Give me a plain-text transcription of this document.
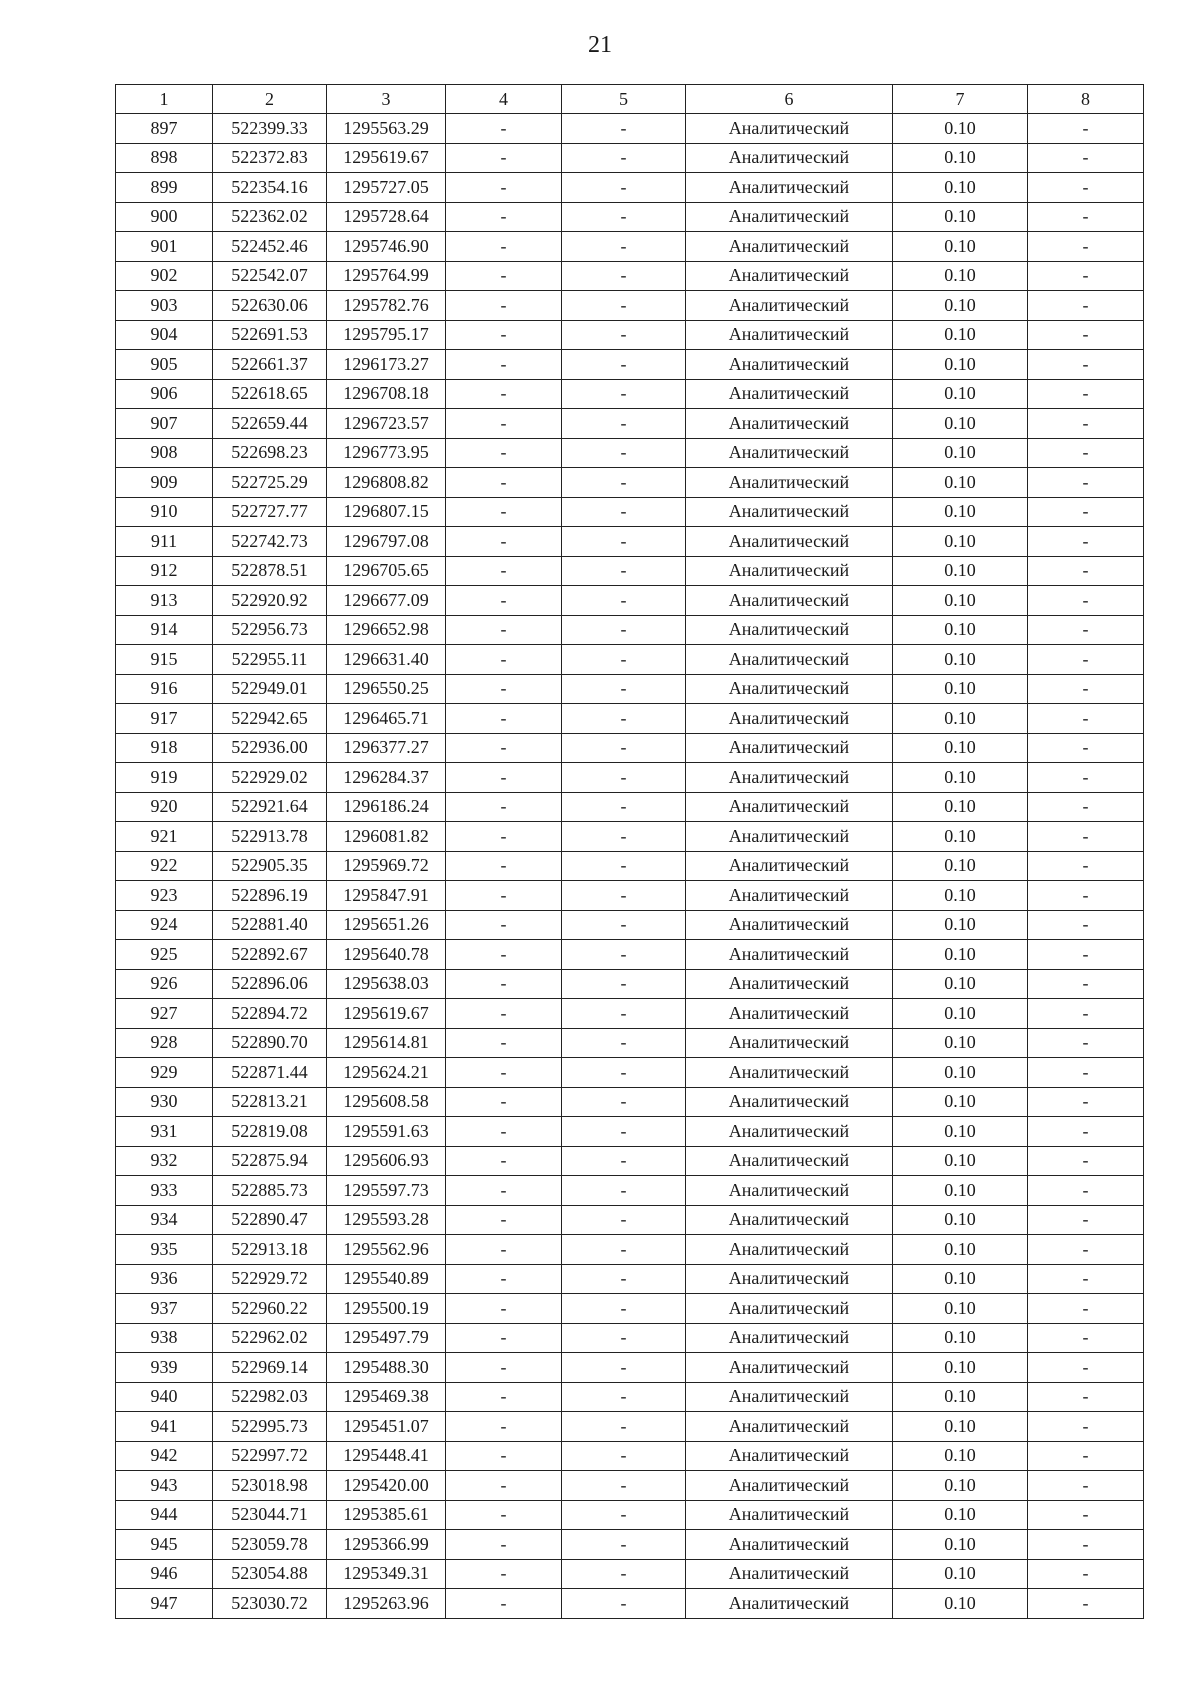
21
1	2	3	4	5	6	7	8
897	522399.33	1295563.29	-	-	Аналитический	0.10	-
898	522372.83	1295619.67	-	-	Аналитический	0.10	-
899	522354.16	1295727.05	-	-	Аналитический	0.10	-
900	522362.02	1295728.64	-	-	Аналитический	0.10	-
901	522452.46	1295746.90	-	-	Аналитический	0.10	-
902	522542.07	1295764.99	-	-	Аналитический	0.10	-
903	522630.06	1295782.76	-	-	Аналитический	0.10	-
904	522691.53	1295795.17	-	-	Аналитический	0.10	-
905	522661.37	1296173.27	-	-	Аналитический	0.10	-
906	522618.65	1296708.18	-	-	Аналитический	0.10	-
907	522659.44	1296723.57	-	-	Аналитический	0.10	-
908	522698.23	1296773.95	-	-	Аналитический	0.10	-
909	522725.29	1296808.82	-	-	Аналитический	0.10	-
910	522727.77	1296807.15	-	-	Аналитический	0.10	-
911	522742.73	1296797.08	-	-	Аналитический	0.10	-
912	522878.51	1296705.65	-	-	Аналитический	0.10	-
913	522920.92	1296677.09	-	-	Аналитический	0.10	-
914	522956.73	1296652.98	-	-	Аналитический	0.10	-
915	522955.11	1296631.40	-	-	Аналитический	0.10	-
916	522949.01	1296550.25	-	-	Аналитический	0.10	-
917	522942.65	1296465.71	-	-	Аналитический	0.10	-
918	522936.00	1296377.27	-	-	Аналитический	0.10	-
919	522929.02	1296284.37	-	-	Аналитический	0.10	-
920	522921.64	1296186.24	-	-	Аналитический	0.10	-
921	522913.78	1296081.82	-	-	Аналитический	0.10	-
922	522905.35	1295969.72	-	-	Аналитический	0.10	-
923	522896.19	1295847.91	-	-	Аналитический	0.10	-
924	522881.40	1295651.26	-	-	Аналитический	0.10	-
925	522892.67	1295640.78	-	-	Аналитический	0.10	-
926	522896.06	1295638.03	-	-	Аналитический	0.10	-
927	522894.72	1295619.67	-	-	Аналитический	0.10	-
928	522890.70	1295614.81	-	-	Аналитический	0.10	-
929	522871.44	1295624.21	-	-	Аналитический	0.10	-
930	522813.21	1295608.58	-	-	Аналитический	0.10	-
931	522819.08	1295591.63	-	-	Аналитический	0.10	-
932	522875.94	1295606.93	-	-	Аналитический	0.10	-
933	522885.73	1295597.73	-	-	Аналитический	0.10	-
934	522890.47	1295593.28	-	-	Аналитический	0.10	-
935	522913.18	1295562.96	-	-	Аналитический	0.10	-
936	522929.72	1295540.89	-	-	Аналитический	0.10	-
937	522960.22	1295500.19	-	-	Аналитический	0.10	-
938	522962.02	1295497.79	-	-	Аналитический	0.10	-
939	522969.14	1295488.30	-	-	Аналитический	0.10	-
940	522982.03	1295469.38	-	-	Аналитический	0.10	-
941	522995.73	1295451.07	-	-	Аналитический	0.10	-
942	522997.72	1295448.41	-	-	Аналитический	0.10	-
943	523018.98	1295420.00	-	-	Аналитический	0.10	-
944	523044.71	1295385.61	-	-	Аналитический	0.10	-
945	523059.78	1295366.99	-	-	Аналитический	0.10	-
946	523054.88	1295349.31	-	-	Аналитический	0.10	-
947	523030.72	1295263.96	-	-	Аналитический	0.10	-
